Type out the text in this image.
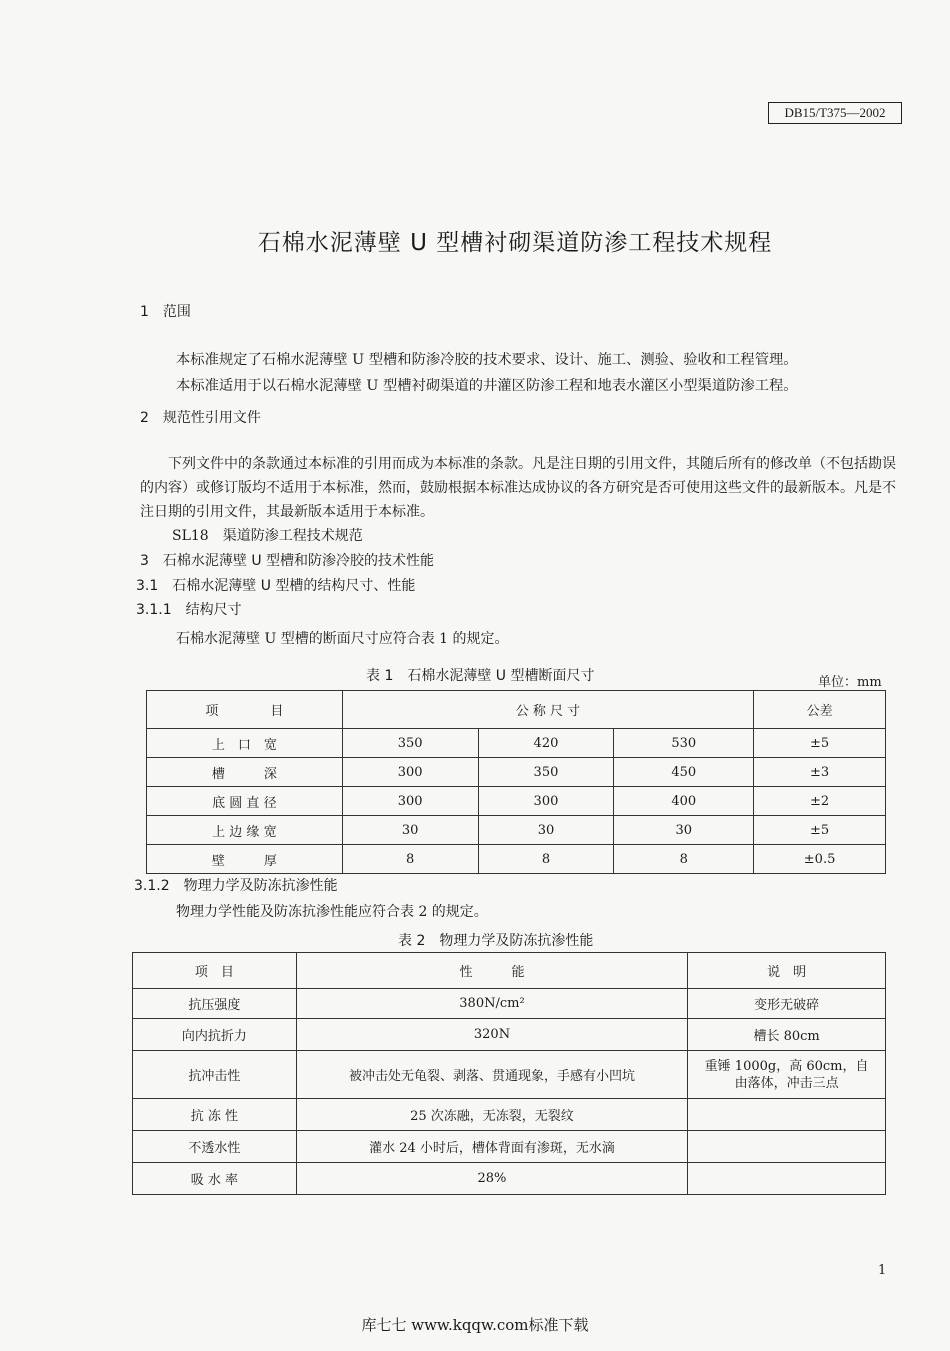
DB15/T375—2002
石棉水泥薄壁 U 型槽衬砌渠道防渗工程技术规程
1　范围
本标准规定了石棉水泥薄壁 U 型槽和防渗冷胶的技术要求、设计、施工、测验、验收和工程管理。
本标准适用于以石棉水泥薄壁 U 型槽衬砌渠道的井灌区防渗工程和地表水灌区小型渠道防渗工程。
2　规范性引用文件
下列文件中的条款通过本标准的引用而成为本标准的条款。凡是注日期的引用文件，其随后所有的修改单（不包括勘误的内容）或修订版均不适用于本标准，然而，鼓励根据本标准达成协议的各方研究是否可使用这些文件的最新版本。凡是不注日期的引用文件，其最新版本适用于本标准。
SL18　渠道防渗工程技术规范
3　石棉水泥薄壁 U 型槽和防渗冷胶的技术性能
3.1　石棉水泥薄壁 U 型槽的结构尺寸、性能
3.1.1　结构尺寸
石棉水泥薄壁 U 型槽的断面尺寸应符合表 1 的规定。
表 1　石棉水泥薄壁 U 型槽断面尺寸	单位：mm
项　　　　目	公 称 尺 寸			公差
上　口　宽	350	420	530	±5
槽　　　深	300	350	450	±3
底 圆 直 径	300	300	400	±2
上 边 缘 宽	30	30	30	±5
壁　　　厚	8	8	8	±0.5
3.1.2　物理力学及防冻抗渗性能
物理力学性能及防冻抗渗性能应符合表 2 的规定。
表 2　物理力学及防冻抗渗性能
项　目	性　　　能	说　明
抗压强度	380N/cm²	变形无破碎
向内抗折力	320N	槽长 80cm
抗冲击性	被冲击处无龟裂、剥落、贯通现象，手感有小凹坑	重锤 1000g，高 60cm，自由落体，冲击三点
抗 冻 性	25 次冻融，无冻裂，无裂纹	
不透水性	灌水 24 小时后，槽体背面有渗斑，无水滴	
吸 水 率	28%	
1
库七七 www.kqqw.com标准下载
